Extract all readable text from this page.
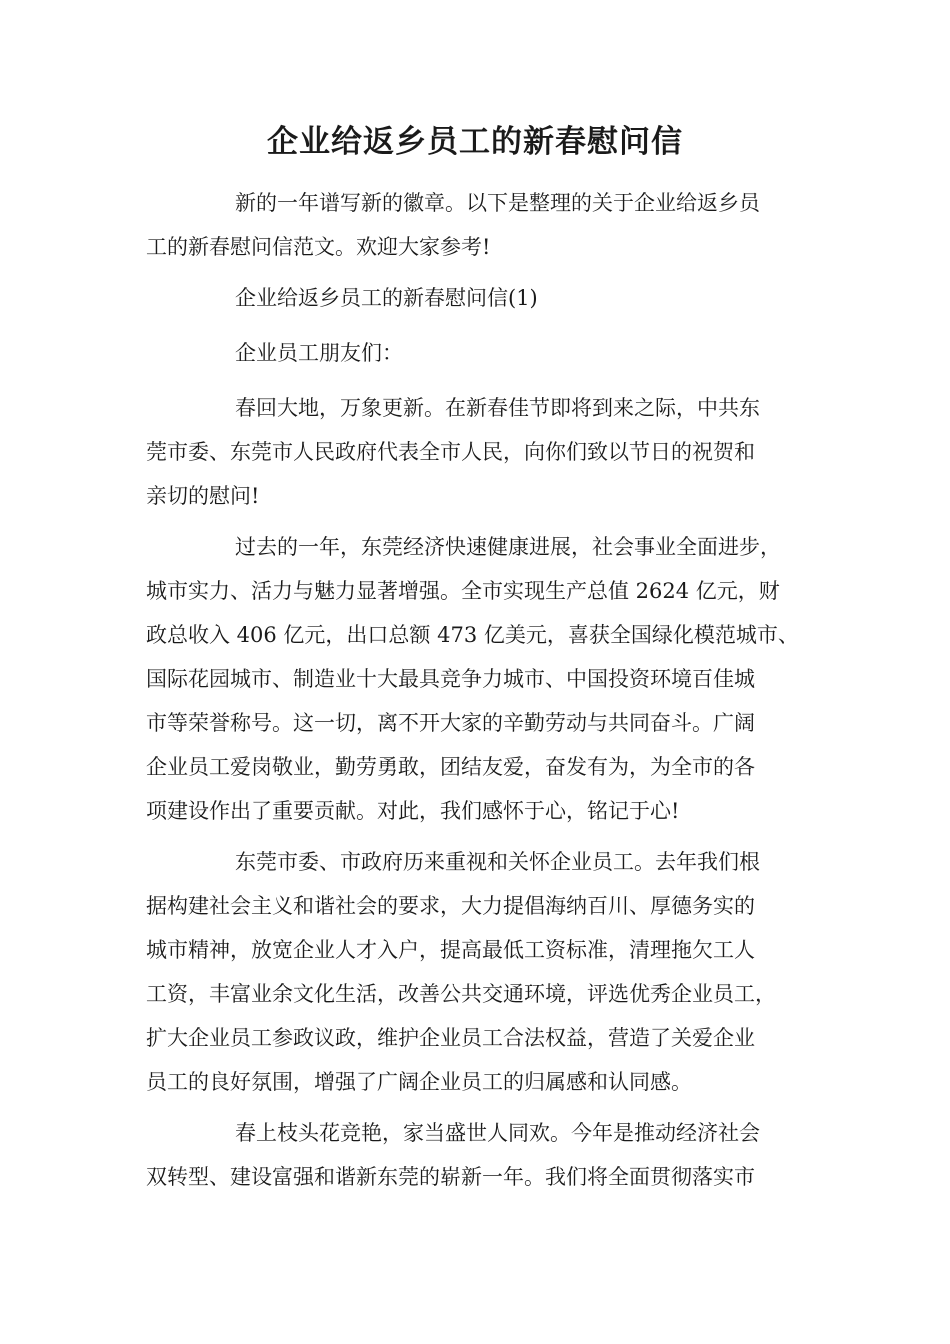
企业给返乡员工的新春慰问信

新的一年谱写新的徽章。以下是整理的关于企业给返乡员
工的新春慰问信范文。欢迎大家参考!

企业给返乡员工的新春慰问信(1)

企业员工朋友们：

春回大地，万象更新。在新春佳节即将到来之际，中共东
莞市委、东莞市人民政府代表全市人民，向你们致以节日的祝贺和
亲切的慰问!

过去的一年，东莞经济快速健康进展，社会事业全面进步，
城市实力、活力与魅力显著增强。全市实现生产总值 2624 亿元，财
政总收入 406 亿元，出口总额 473 亿美元，喜获全国绿化模范城市、
国际花园城市、制造业十大最具竞争力城市、中国投资环境百佳城
市等荣誉称号。这一切，离不开大家的辛勤劳动与共同奋斗。广阔
企业员工爱岗敬业，勤劳勇敢，团结友爱，奋发有为，为全市的各
项建设作出了重要贡献。对此，我们感怀于心，铭记于心!

东莞市委、市政府历来重视和关怀企业员工。去年我们根
据构建社会主义和谐社会的要求，大力提倡海纳百川、厚德务实的
城市精神，放宽企业人才入户，提高最低工资标准，清理拖欠工人
工资，丰富业余文化生活，改善公共交通环境，评选优秀企业员工，
扩大企业员工参政议政，维护企业员工合法权益，营造了关爱企业
员工的良好氛围，增强了广阔企业员工的归属感和认同感。

春上枝头花竞艳，家当盛世人同欢。今年是推动经济社会
双转型、建设富强和谐新东莞的崭新一年。我们将全面贯彻落实市
